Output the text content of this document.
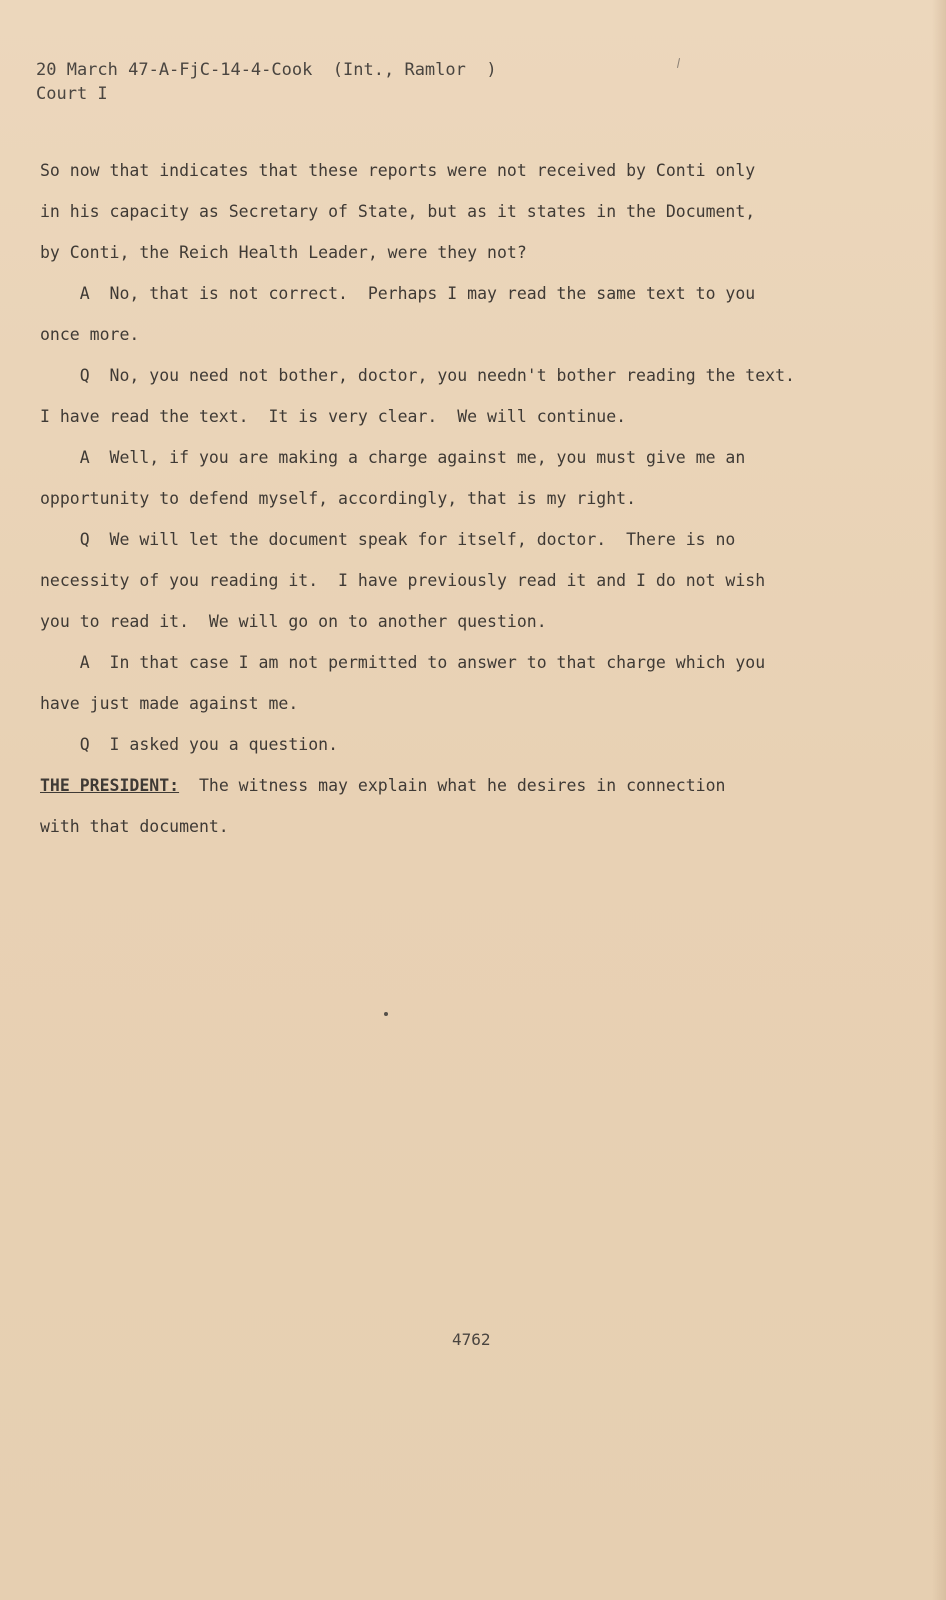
20 March 47-A-FjC-14-4-Cook  (Int., Ramlor  )
Court I
So now that indicates that these reports were not received by Conti only
in his capacity as Secretary of State, but as it states in the Document,
by Conti, the Reich Health Leader, were they not?
A  No, that is not correct.  Perhaps I may read the same text to you
once more.
Q  No, you need not bother, doctor, you needn't bother reading the text.
I have read the text.  It is very clear.  We will continue.
A  Well, if you are making a charge against me, you must give me an
opportunity to defend myself, accordingly, that is my right.
Q  We will let the document speak for itself, doctor.  There is no
necessity of you reading it.  I have previously read it and I do not wish
you to read it.  We will go on to another question.
A  In that case I am not permitted to answer to that charge which you
have just made against me.
Q  I asked you a question.
THE PRESIDENT:  The witness may explain what he desires in connection
with that document.
4762
